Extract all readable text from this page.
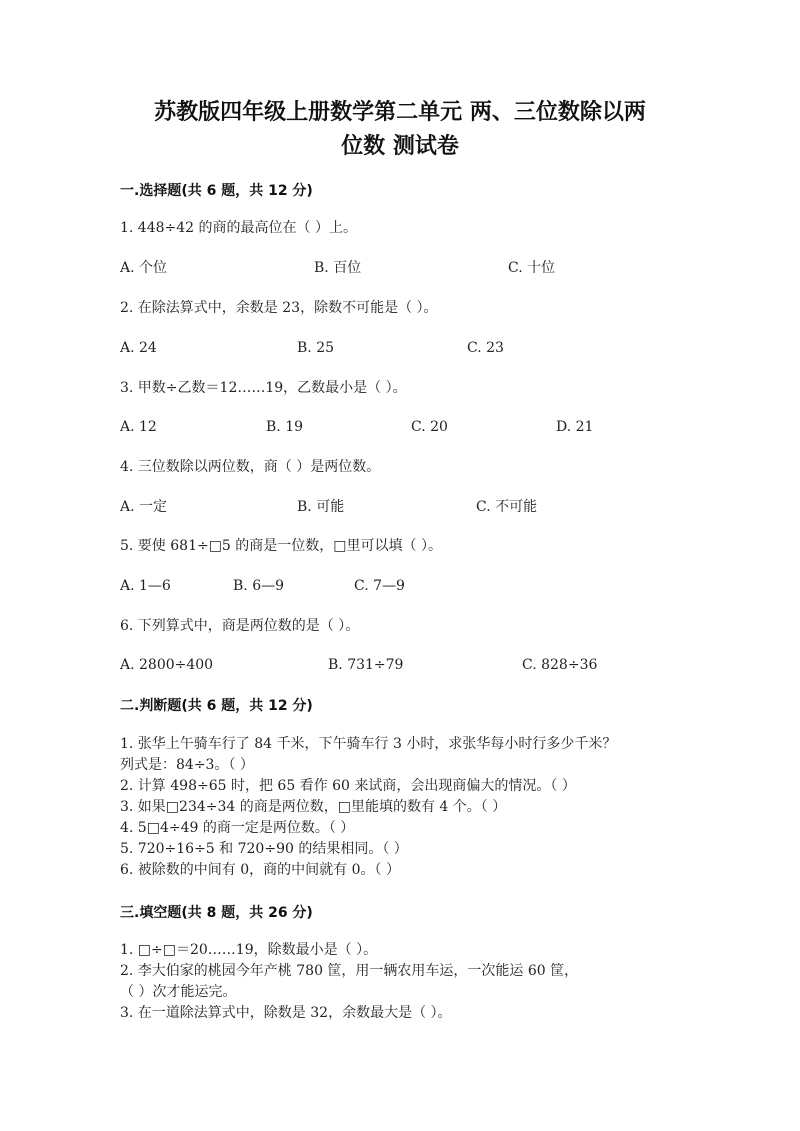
苏教版四年级上册数学第二单元 两、三位数除以两
位数 测试卷
一.选择题(共 6 题，共 12 分)
1. 448÷42 的商的最高位在（ ）上。
A. 个位	B. 百位	C. 十位
2. 在除法算式中，余数是 23，除数不可能是（ ）。
A. 24	B. 25	C. 23
3. 甲数÷乙数＝12……19，乙数最小是（ ）。
A. 12	B. 19	C. 20	D. 21
4. 三位数除以两位数，商（ ）是两位数。
A. 一定	B. 可能	C. 不可能
5. 要使 681÷□5 的商是一位数，□里可以填（ ）。
A. 1—6	B. 6—9	C. 7—9
6. 下列算式中，商是两位数的是（ ）。
A. 2800÷400	B. 731÷79	C. 828÷36
二.判断题(共 6 题，共 12 分)
1. 张华上午骑车行了 84 千米，下午骑车行 3 小时，求张华每小时行多少千米？
列式是：84÷3。（ ）
2. 计算 498÷65 时，把 65 看作 60 来试商，会出现商偏大的情况。（ ）
3. 如果□234÷34 的商是两位数，□里能填的数有 4 个。（ ）
4. 5□4÷49 的商一定是两位数。（ ）
5. 720÷16÷5 和 720÷90 的结果相同。（ ）
6. 被除数的中间有 0，商的中间就有 0。（ ）
三.填空题(共 8 题，共 26 分)
1. □÷□＝20……19，除数最小是（ ）。
2. 李大伯家的桃园今年产桃 780 筐，用一辆农用车运，一次能运 60 筐，
（ ）次才能运完。
3. 在一道除法算式中，除数是 32，余数最大是（ ）。
